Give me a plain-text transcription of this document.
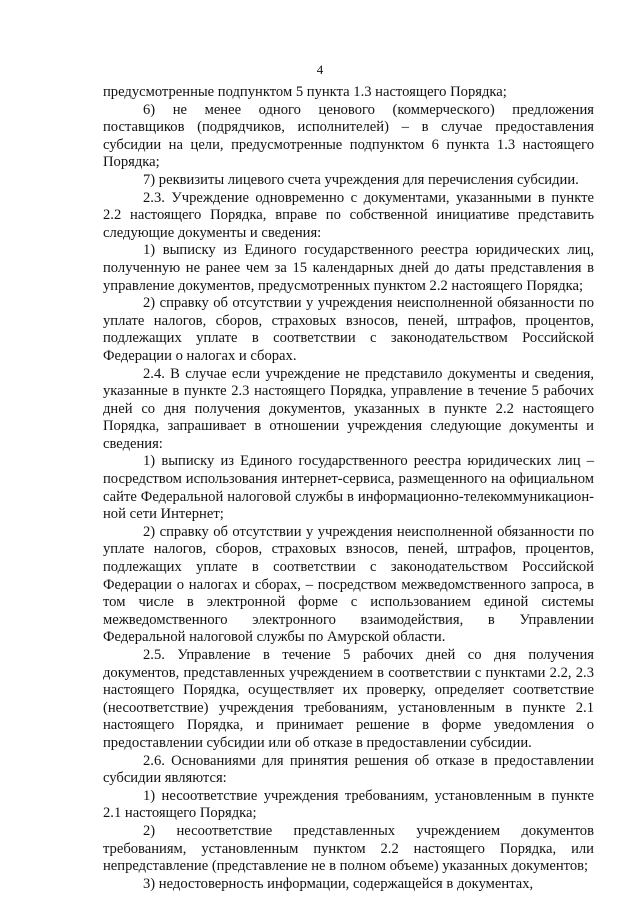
4

предусмотренные подпунктом 5 пункта 1.3 настоящего Порядка;

6) не менее одного ценового (коммерческого) предложения поставщиков (подрядчиков, исполнителей) – в случае предоставления субсидии на цели, предусмотренные подпунктом 6 пункта 1.3 настоящего Порядка;

7) реквизиты лицевого счета учреждения для перечисления субсидии.

2.3. Учреждение одновременно с документами, указанными в пункте 2.2 настоящего Порядка, вправе по собственной инициативе представить следующие документы и сведения:

1) выписку из Единого государственного реестра юридических лиц, полученную не ранее чем за 15 календарных дней до даты представления в управление документов, предусмотренных пунктом 2.2 настоящего Порядка;

2) справку об отсутствии у учреждения неисполненной обязанности по уплате налогов, сборов, страховых взносов, пеней, штрафов, процентов, подлежащих уплате в соответствии с законодательством Российской Федерации о налогах и сборах.

2.4. В случае если учреждение не представило документы и сведения, указанные в пункте 2.3 настоящего Порядка, управление в течение 5 рабочих дней со дня получения документов, указанных в пункте 2.2 настоящего Порядка, запрашивает в отношении учреждения следующие документы и сведения:

1) выписку из Единого государственного реестра юридических лиц – посредством использования интернет-сервиса, размещенного на официальном сайте Федеральной налоговой службы в информационно-телекоммуникацион-ной сети Интернет;

2) справку об отсутствии у учреждения неисполненной обязанности по уплате налогов, сборов, страховых взносов, пеней, штрафов, процентов, подлежащих уплате в соответствии с законодательством Российской Федерации о налогах и сборах, – посредством межведомственного запроса, в том числе в электронной форме с использованием единой системы межведомственного электронного взаимодействия, в Управлении Федеральной налоговой службы по Амурской области.

2.5. Управление в течение 5 рабочих дней со дня получения документов, представленных учреждением в соответствии с пунктами 2.2, 2.3 настоящего Порядка, осуществляет их проверку, определяет соответствие (несоответствие) учреждения требованиям, установленным в пункте 2.1 настоящего Порядка, и принимает решение в форме уведомления о предоставлении субсидии или об отказе в предоставлении субсидии.

2.6. Основаниями для принятия решения об отказе в предоставлении субсидии являются:

1) несоответствие учреждения требованиям, установленным в пункте 2.1 настоящего Порядка;

2) несоответствие представленных учреждением документов требованиям, установленным пунктом 2.2 настоящего Порядка, или непредставление (представление не в полном объеме) указанных документов;

3) недостоверность информации, содержащейся в документах,
